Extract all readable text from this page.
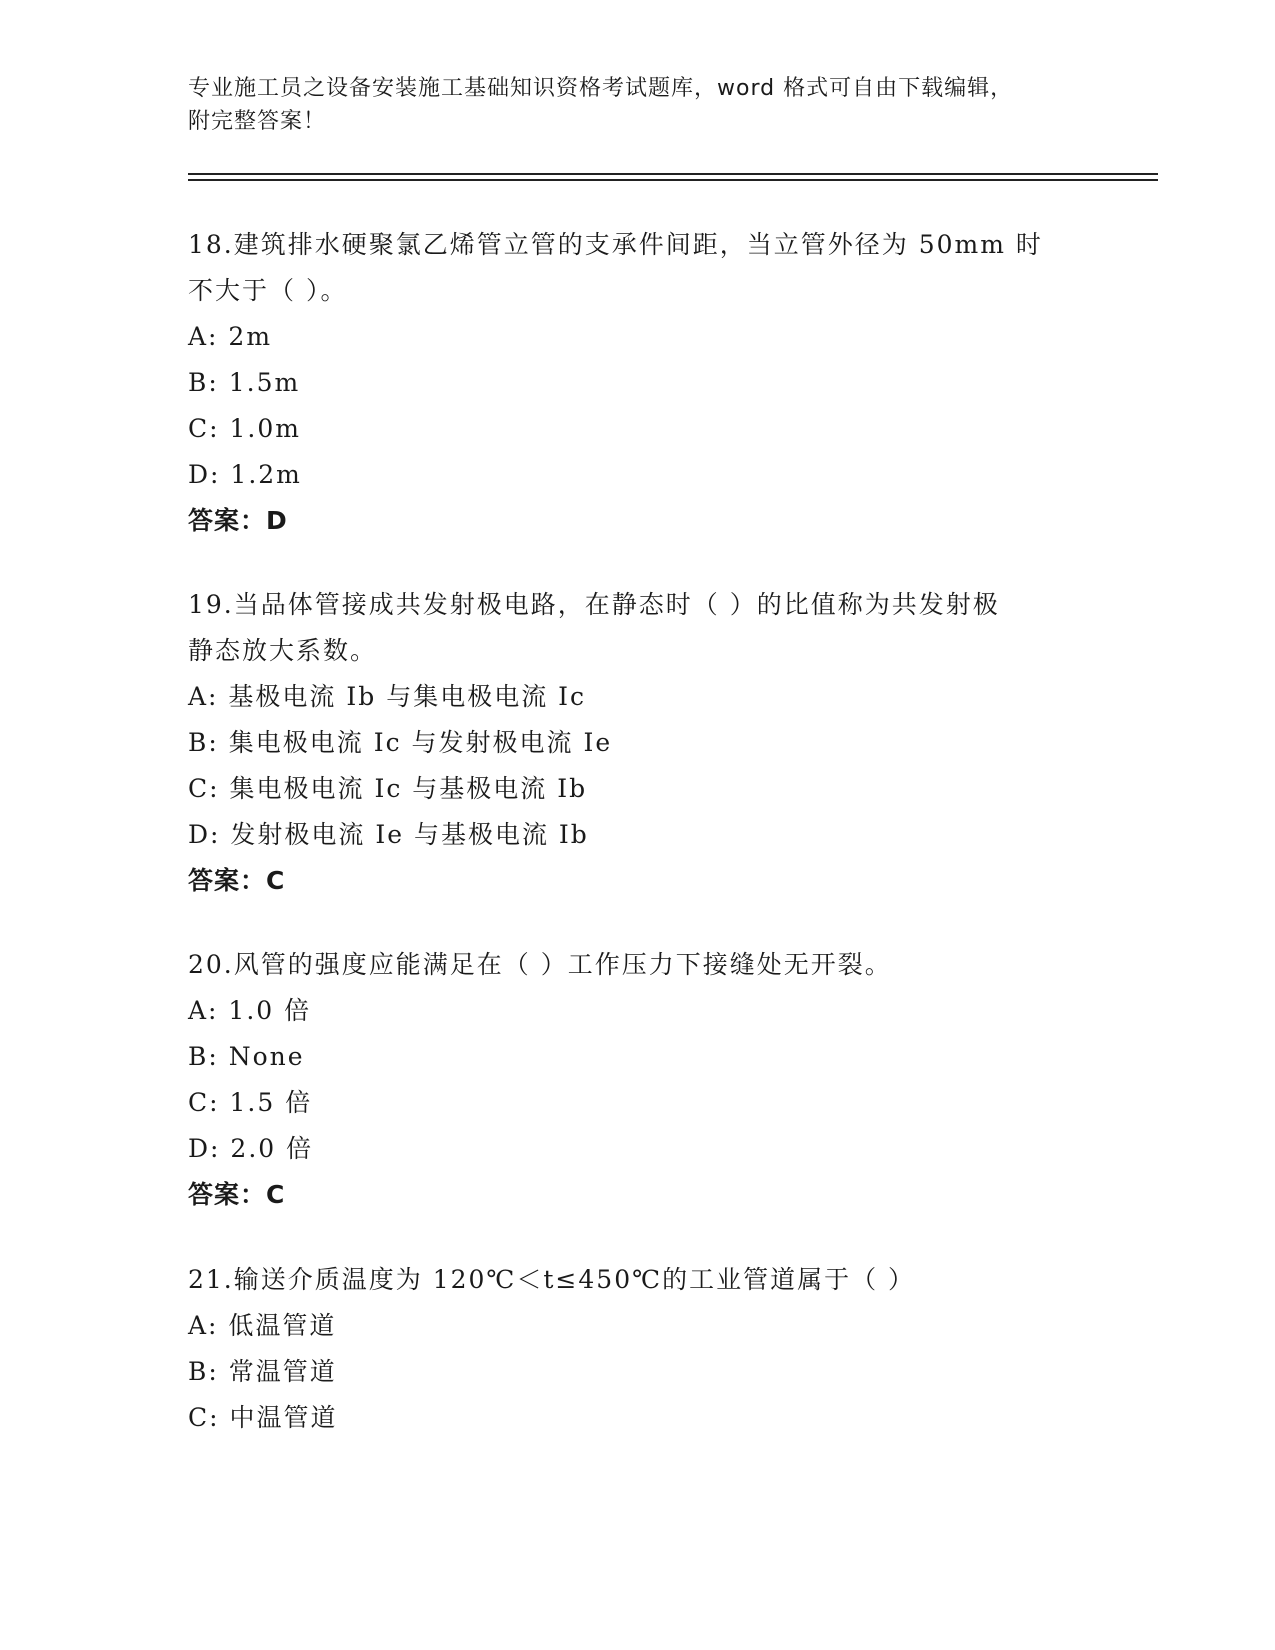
专业施工员之设备安装施工基础知识资格考试题库，word 格式可自由下载编辑，
附完整答案！
18.建筑排水硬聚氯乙烯管立管的支承件间距，当立管外径为 50mm 时
不大于（ ）。
A: 2m
B: 1.5m
C: 1.0m
D: 1.2m
答案：D
19.当品体管接成共发射极电路，在静态时（ ）的比值称为共发射极
静态放大系数。
A: 基极电流 Ib 与集电极电流 Ic
B: 集电极电流 Ic 与发射极电流 Ie
C: 集电极电流 Ic 与基极电流 Ib
D: 发射极电流 Ie 与基极电流 Ib
答案：C
20.风管的强度应能满足在（ ）工作压力下接缝处无开裂。
A: 1.0 倍
B: None
C: 1.5 倍
D: 2.0 倍
答案：C
21.输送介质温度为 120℃＜t≤450℃的工业管道属于（ ）
A: 低温管道
B: 常温管道
C: 中温管道
